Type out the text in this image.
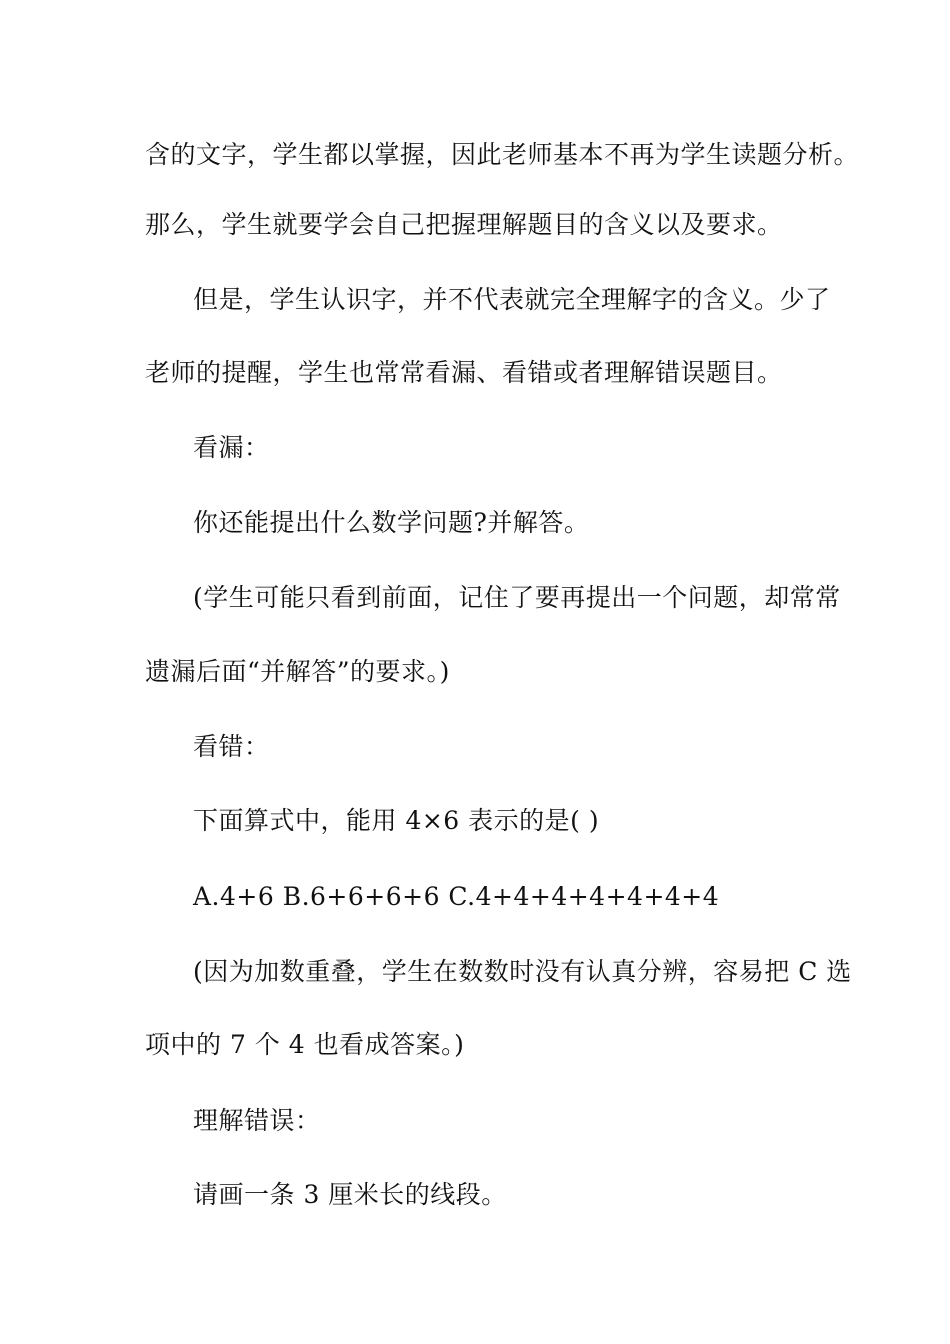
含的文字，学生都以掌握，因此老师基本不再为学生读题分析。
那么，学生就要学会自己把握理解题目的含义以及要求。
但是，学生认识字，并不代表就完全理解字的含义。少了
老师的提醒，学生也常常看漏、看错或者理解错误题目。
看漏：
你还能提出什么数学问题?并解答。
(学生可能只看到前面，记住了要再提出一个问题，却常常
遗漏后面“并解答”的要求。)
看错：
下面算式中，能用 4×6 表示的是( )
A.4+6 B.6+6+6+6 C.4+4+4+4+4+4+4
(因为加数重叠，学生在数数时没有认真分辨，容易把 C 选
项中的 7 个 4 也看成答案。)
理解错误：
请画一条 3 厘米长的线段。
